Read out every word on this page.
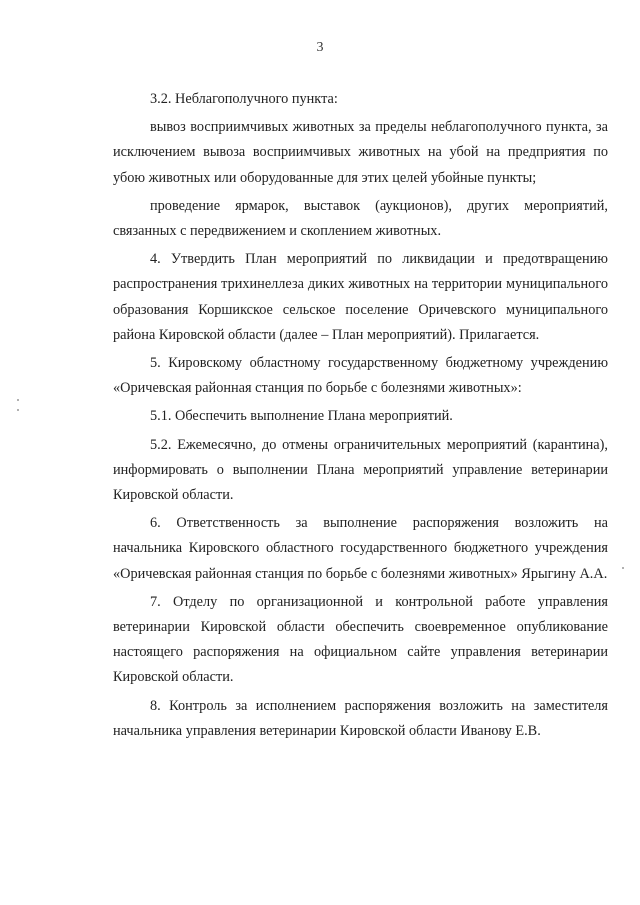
3

3.2. Неблагополучного пункта:

вывоз восприимчивых животных за пределы неблагополучного пункта, за исключением вывоза восприимчивых животных на убой на предприятия по убою животных или оборудованные для этих целей убойные пункты;

проведение ярмарок, выставок (аукционов), других мероприятий, связанных с передвижением и скоплением животных.

4. Утвердить План мероприятий по ликвидации и предотвращению распространения трихинеллеза диких животных на территории муниципального образования Коршикское сельское поселение Оричевского муниципального района Кировской области (далее – План мероприятий). Прилагается.

5. Кировскому областному государственному бюджетному учреждению «Оричевская районная станция по борьбе с болезнями животных»:

5.1. Обеспечить выполнение Плана мероприятий.

5.2. Ежемесячно, до отмены ограничительных мероприятий (карантина), информировать о выполнении Плана мероприятий управление ветеринарии Кировской области.

6. Ответственность за выполнение распоряжения возложить на начальника Кировского областного государственного бюджетного учреждения «Оричевская районная станция по борьбе с болезнями животных» Ярыгину А.А.

7. Отделу по организационной и контрольной работе управления ветеринарии Кировской области обеспечить своевременное опубликование настоящего распоряжения на официальном сайте управления ветеринарии Кировской области.

8. Контроль за исполнением распоряжения возложить на заместителя начальника управления ветеринарии Кировской области Иванову Е.В.
